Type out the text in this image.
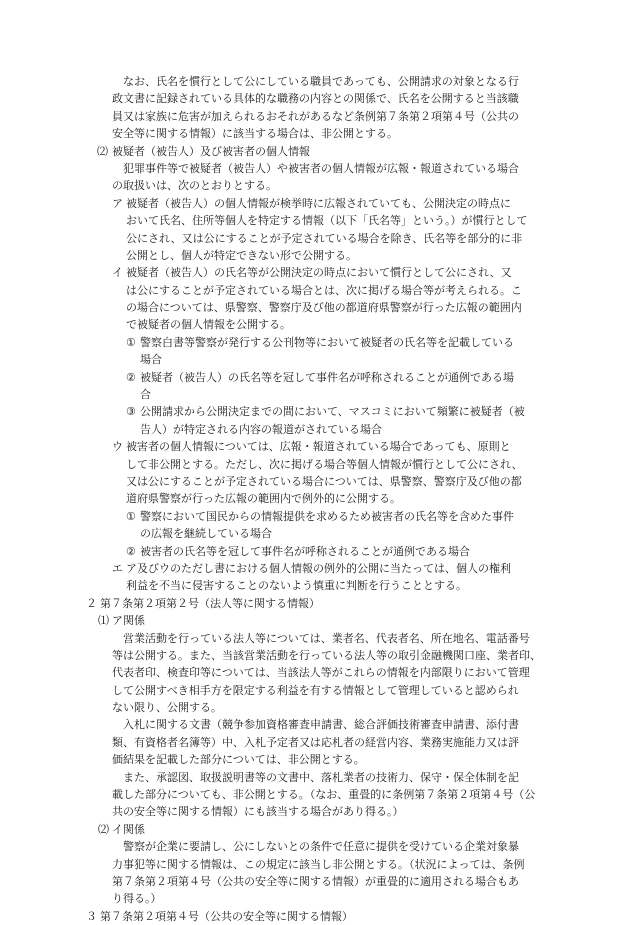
　なお、氏名を慣行として公にしている職員であっても、公開請求の対象となる行
政文書に記録されている具体的な職務の内容との関係で、氏名を公開すると当該職
員又は家族に危害が加えられるおそれがあるなど条例第７条第２項第４号（公共の
安全等に関する情報）に該当する場合は、非公開とする。
⑵ 被疑者（被告人）及び被害者の個人情報
　犯罪事件等で被疑者（被告人）や被害者の個人情報が広報・報道されている場合
の取扱いは、次のとおりとする。
ア 被疑者（被告人）の個人情報が検挙時に広報されていても、公開決定の時点に
おいて氏名、住所等個人を特定する情報（以下「氏名等」という。）が慣行として
公にされ、又は公にすることが予定されている場合を除き、氏名等を部分的に非
公開とし、個人が特定できない形で公開する。
イ 被疑者（被告人）の氏名等が公開決定の時点において慣行として公にされ、又
は公にすることが予定されている場合とは、次に掲げる場合等が考えられる。こ
の場合については、県警察、警察庁及び他の都道府県警察が行った広報の範囲内
で被疑者の個人情報を公開する。
① 警察白書等警察が発行する公刊物等において被疑者の氏名等を記載している
場合
② 被疑者（被告人）の氏名等を冠して事件名が呼称されることが通例である場
合
③ 公開請求から公開決定までの間において、マスコミにおいて頻繁に被疑者（被
告人）が特定される内容の報道がされている場合
ウ 被害者の個人情報については、広報・報道されている場合であっても、原則と
して非公開とする。ただし、次に掲げる場合等個人情報が慣行として公にされ、
又は公にすることが予定されている場合については、県警察、警察庁及び他の都
道府県警察が行った広報の範囲内で例外的に公開する。
① 警察において国民からの情報提供を求めるため被害者の氏名等を含めた事件
の広報を継続している場合
② 被害者の氏名等を冠して事件名が呼称されることが通例である場合
エ ア及びウのただし書における個人情報の例外的公開に当たっては、個人の権利
利益を不当に侵害することのないよう慎重に判断を行うこととする。
２ 第７条第２項第２号（法人等に関する情報）
⑴ ア関係
　営業活動を行っている法人等については、業者名、代表者名、所在地名、電話番号
等は公開する。また、当該営業活動を行っている法人等の取引金融機関口座、業者印、
代表者印、検査印等については、当該法人等がこれらの情報を内部限りにおいて管理
して公開すべき相手方を限定する利益を有する情報として管理していると認められ
ない限り、公開する。
　入札に関する文書（競争参加資格審査申請書、総合評価技術審査申請書、添付書
類、有資格者名簿等）中、入札予定者又は応札者の経営内容、業務実施能力又は評
価結果を記載した部分については、非公開とする。
　また、承認図、取扱説明書等の文書中、落札業者の技術力、保守・保全体制を記
載した部分についても、非公開とする。（なお、重畳的に条例第７条第２項第４号（公
共の安全等に関する情報）にも該当する場合があり得る。）
⑵ イ関係
　警察が企業に要請し、公にしないとの条件で任意に提供を受けている企業対象暴
力事犯等に関する情報は、この規定に該当し非公開とする。（状況によっては、条例
第７条第２項第４号（公共の安全等に関する情報）が重畳的に適用される場合もあ
り得る。）
３ 第７条第２項第４号（公共の安全等に関する情報）
